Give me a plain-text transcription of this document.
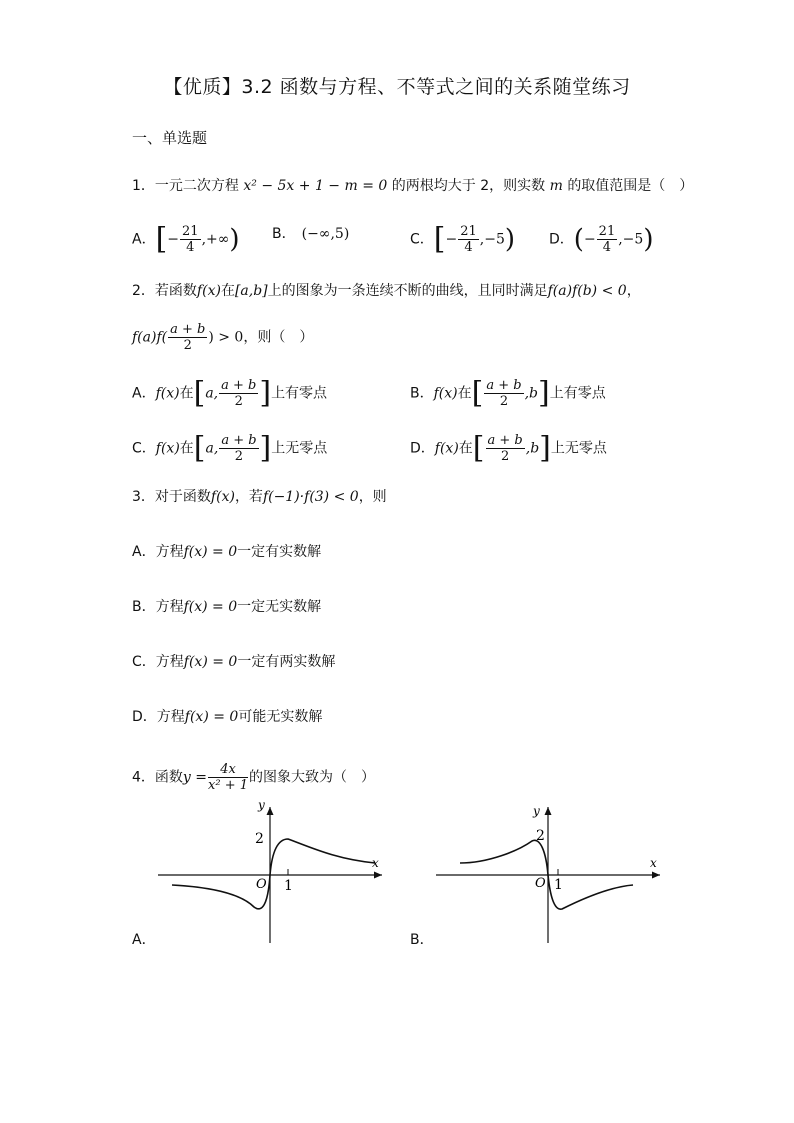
【优质】3.2 函数与方程、不等式之间的关系随堂练习
一、单选题
1．一元二次方程 x² − 5x + 1 − m = 0 的两根均大于 2，则实数 m 的取值范围是（　）
A．[− $\frac{21}{4}$ ,+∞) B． (−∞,5)	C．[− $\frac{21}{4} ,-5$) D．(− $\frac{21}{4} ,-5$)
2．若函数f(x)在[a,b]上的图象为一条连续不断的曲线，且同时满足f(a)f(b) < 0，
$f(a)f( \frac{a + b}{2}$ ) > 0，则（　）
A．f(x)在[a, $\frac{a + b}{2}$ ]上有零点	B．f(x)在[ $\frac{a + b}{2} ,b$]上有零点
C．f(x)在[a, $\frac{a + b}{2}$ ]上无零点	D．f(x)在[ $\frac{a + b}{2} ,b$]上无零点
3．对于函数f(x)，若f(−1)·f(3) < 0，则
A．方程f(x) = 0一定有实数解
B．方程f(x) = 0一定无实数解
C．方程f(x) = 0一定有两实数解
D．方程f(x) = 0可能无实数解
4．函数$y = \frac{4x}{\text{x² + 1}}$ 的图象大致为（　）
y
x
O 1
2
A．
y
x
O 1
2
B．
